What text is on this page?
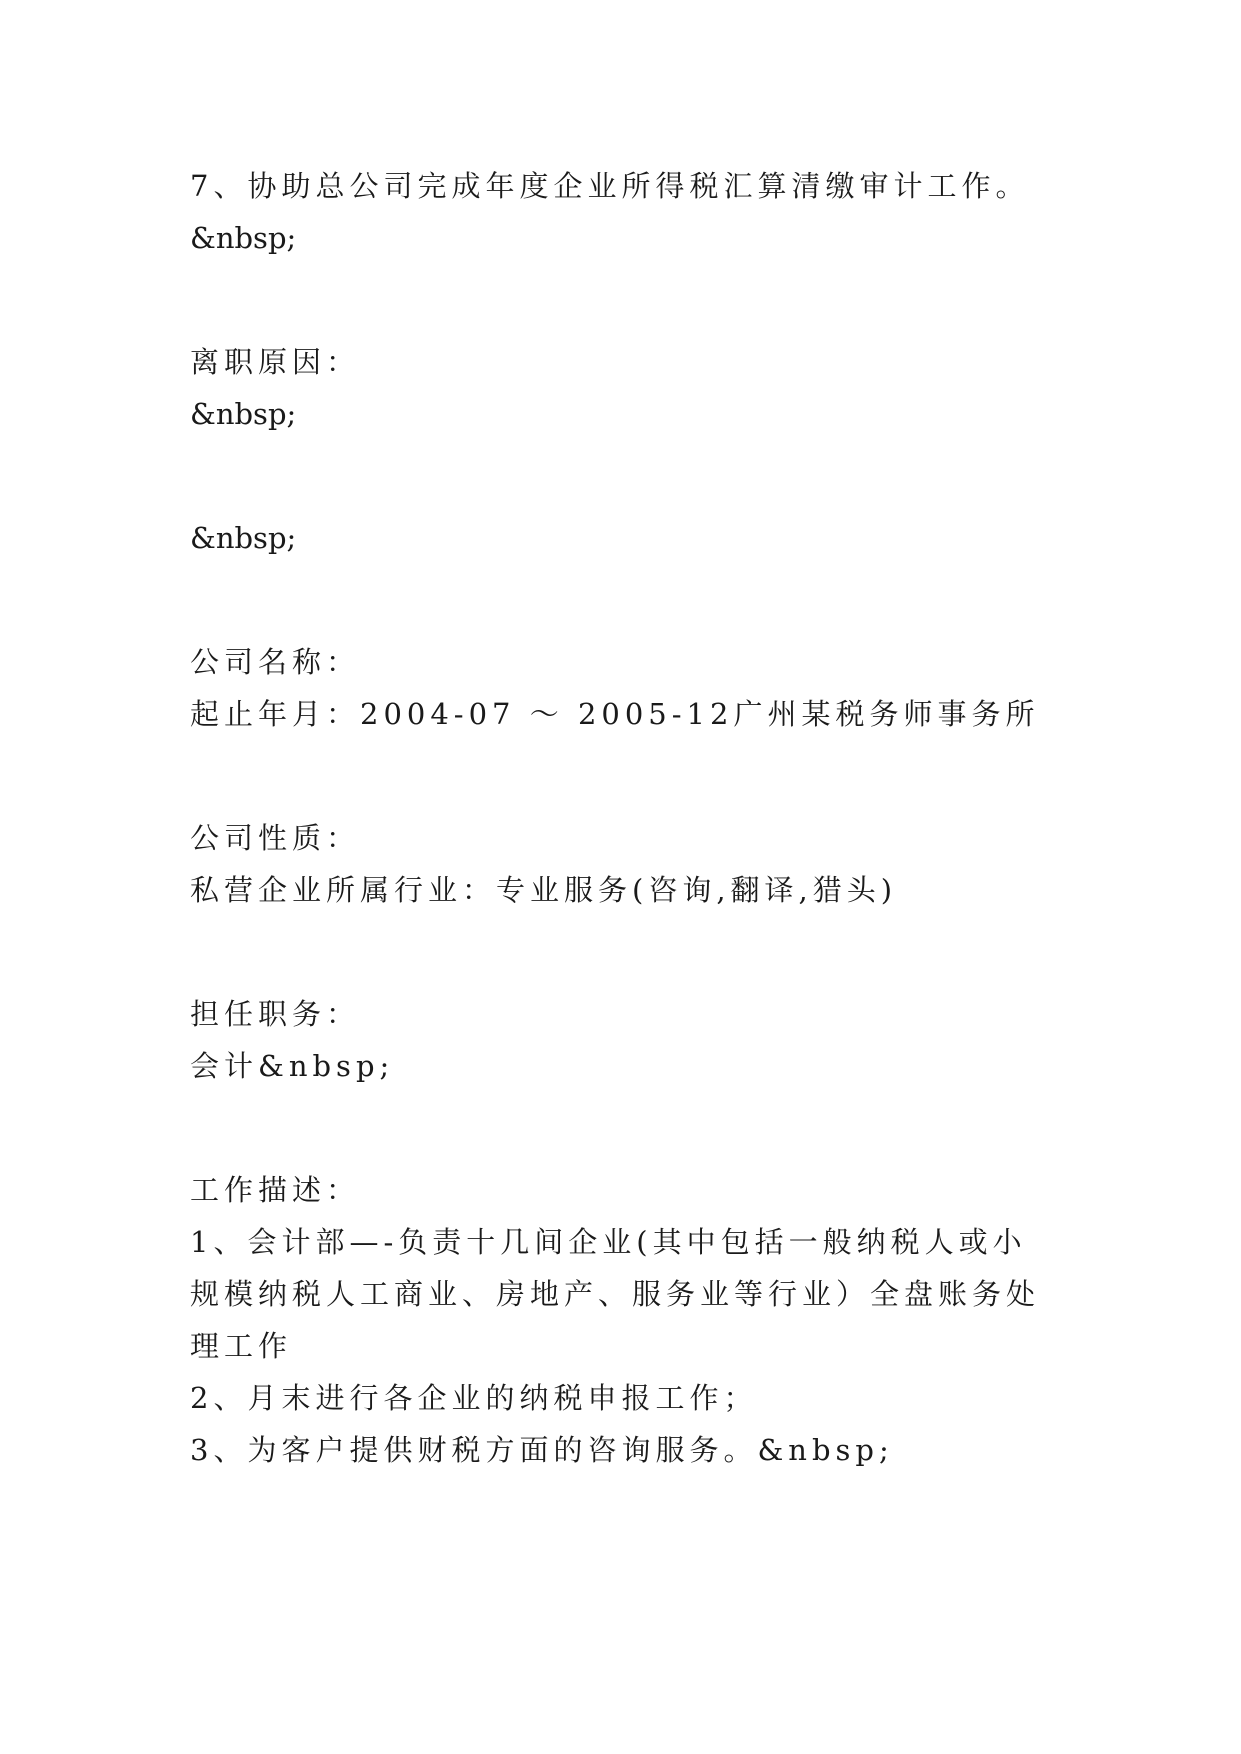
7、协助总公司完成年度企业所得税汇算清缴审计工作。
&nbsp;
离职原因：
&nbsp;
&nbsp;
公司名称：
起止年月：2004-07 ～ 2005-12广州某税务师事务所
公司性质：
私营企业所属行业：专业服务(咨询,翻译,猎头)
担任职务：
会计&nbsp;
工作描述：
1、会计部—-负责十几间企业(其中包括一般纳税人或小规模纳税人工商业、房地产、服务业等行业）全盘账务处理工作
2、月末进行各企业的纳税申报工作；
3、为客户提供财税方面的咨询服务。&nbsp;
